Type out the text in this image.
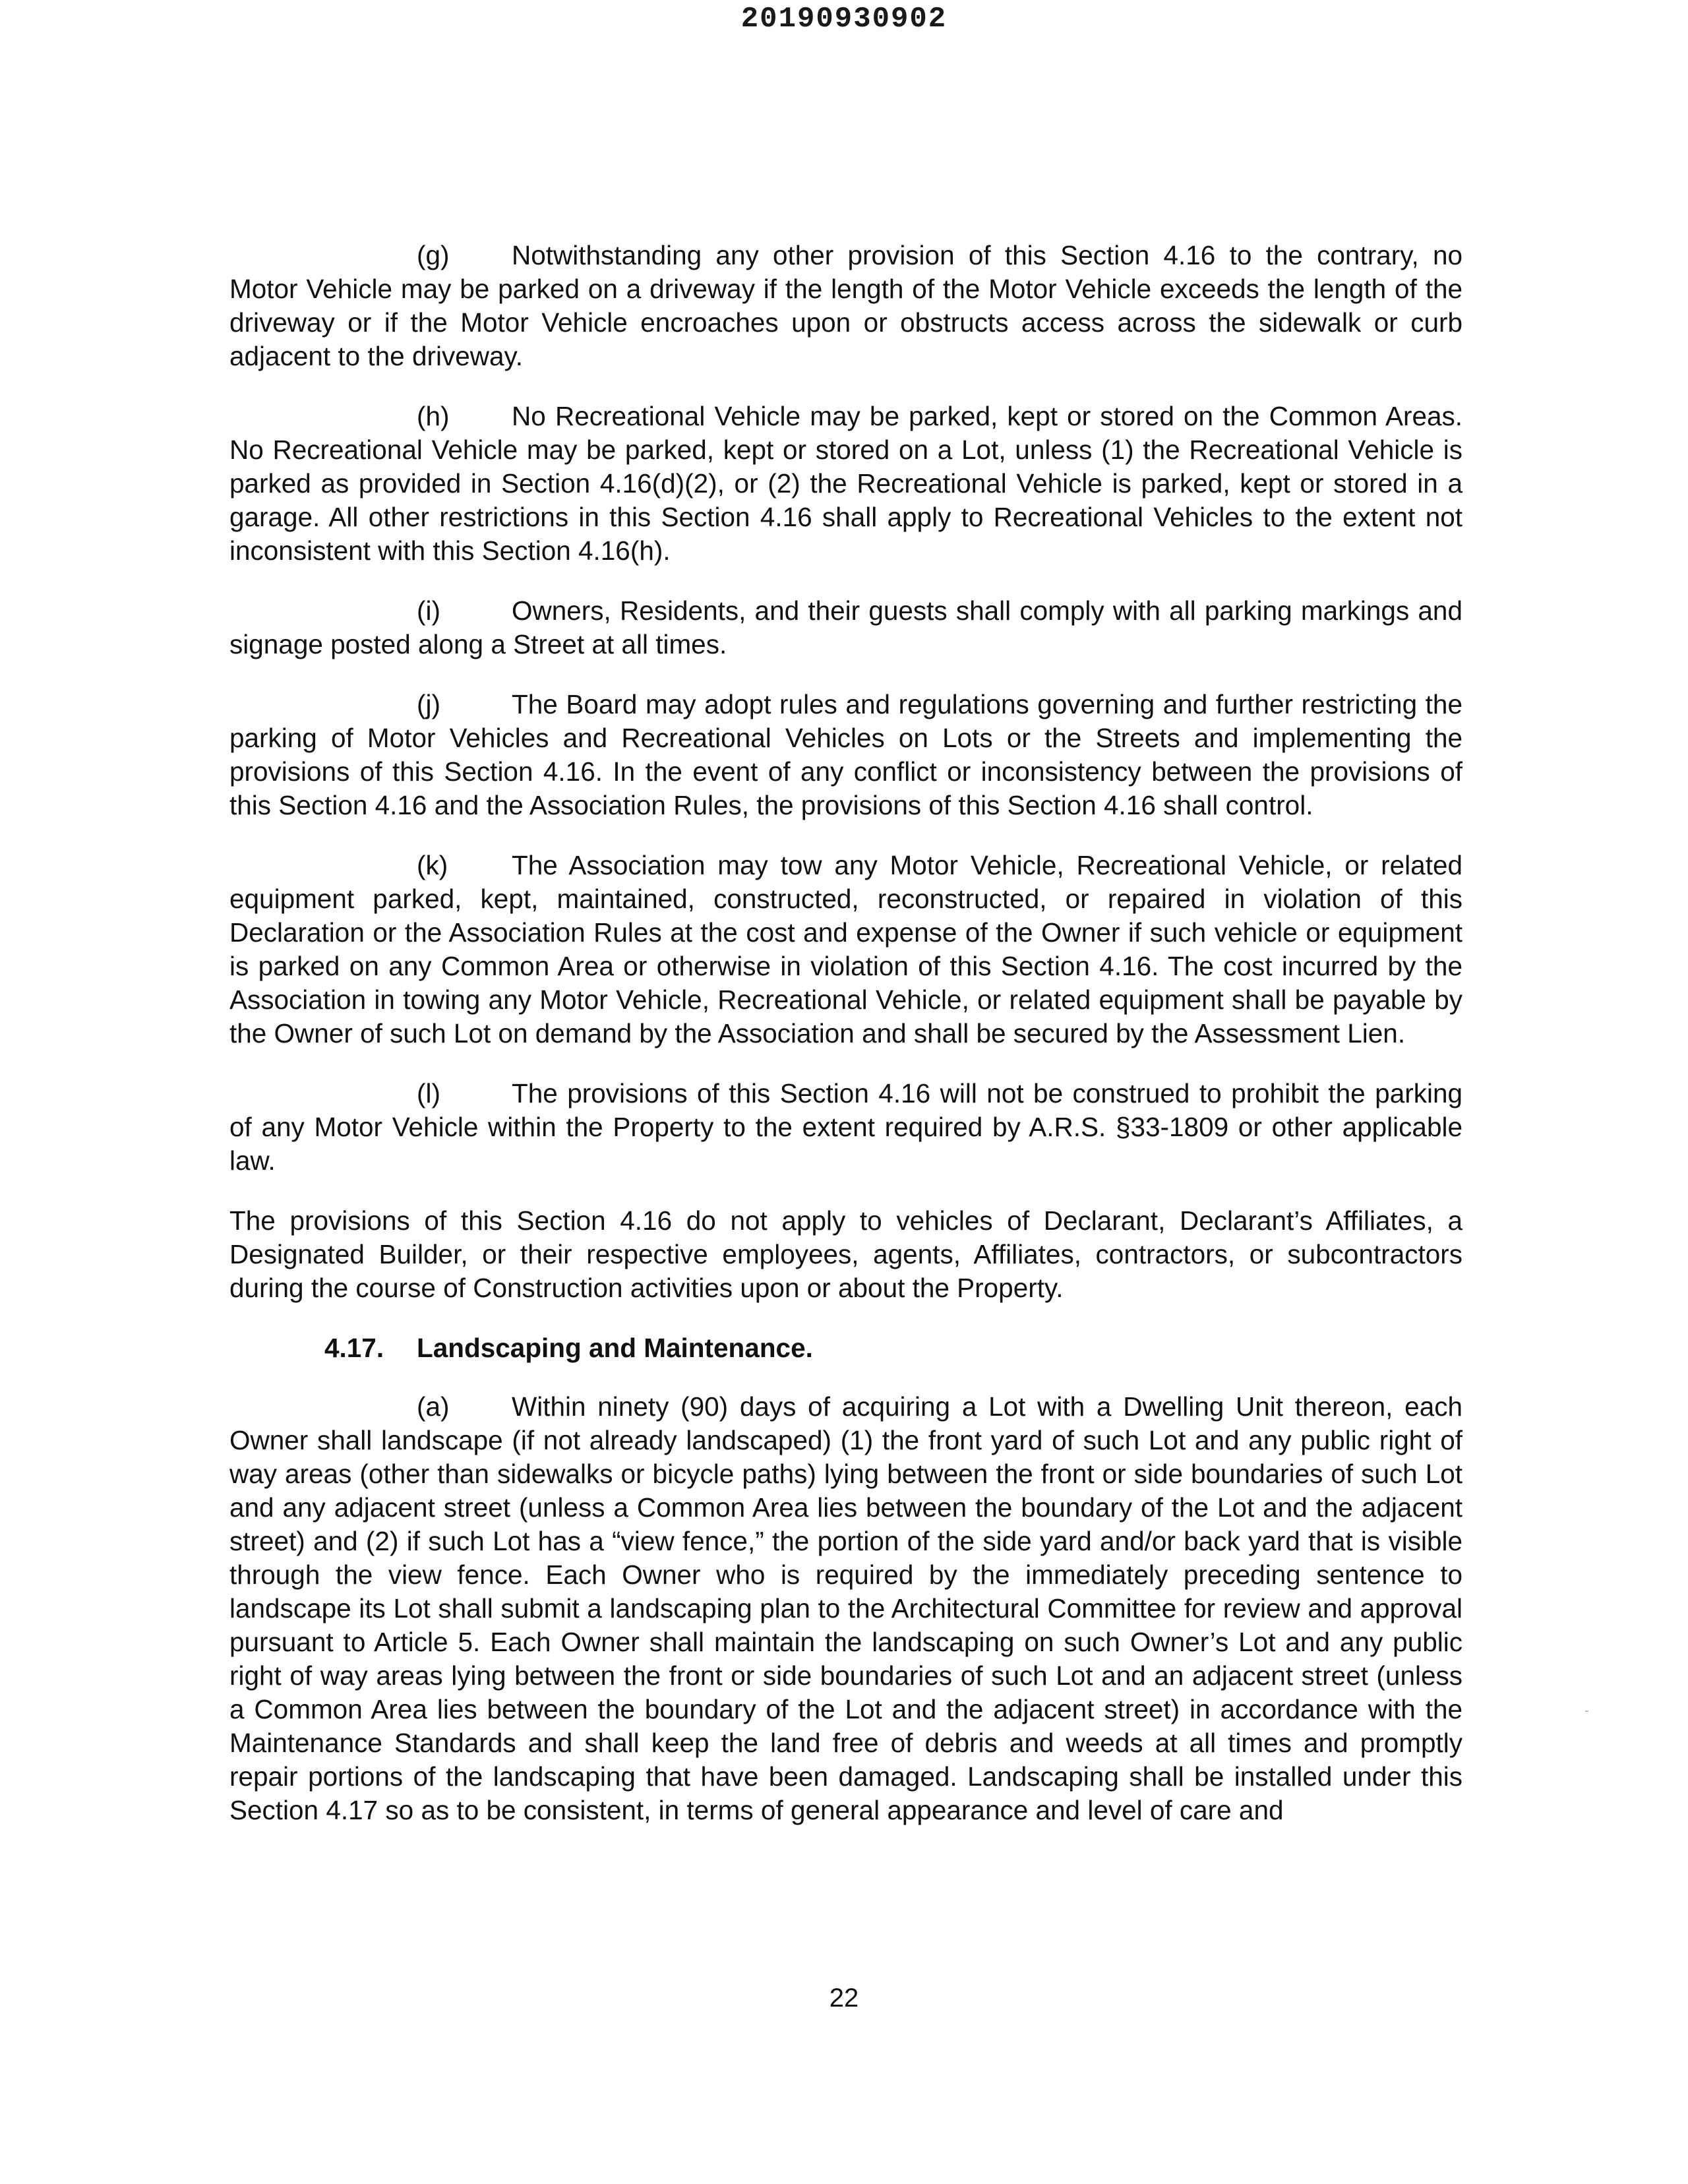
20190930902

(g) Notwithstanding any other provision of this Section 4.16 to the contrary, no Motor Vehicle may be parked on a driveway if the length of the Motor Vehicle exceeds the length of the driveway or if the Motor Vehicle encroaches upon or obstructs access across the sidewalk or curb adjacent to the driveway.

(h) No Recreational Vehicle may be parked, kept or stored on the Common Areas. No Recreational Vehicle may be parked, kept or stored on a Lot, unless (1) the Recreational Vehicle is parked as provided in Section 4.16(d)(2), or (2) the Recreational Vehicle is parked, kept or stored in a garage. All other restrictions in this Section 4.16 shall apply to Recreational Vehicles to the extent not inconsistent with this Section 4.16(h).

(i)	Owners, Residents, and their guests shall comply with all parking markings and signage posted along a Street at all times.

(j)	The Board may adopt rules and regulations governing and further restricting the parking of Motor Vehicles and Recreational Vehicles on Lots or the Streets and implementing the provisions of this Section 4.16. In the event of any conflict or inconsistency between the provisions of this Section 4.16 and the Association Rules, the provisions of this Section 4.16 shall control.

(k) The Association may tow any Motor Vehicle, Recreational Vehicle, or related equipment parked, kept, maintained, constructed, reconstructed, or repaired in violation of this Declaration or the Association Rules at the cost and expense of the Owner if such vehicle or equipment is parked on any Common Area or otherwise in violation of this Section 4.16. The cost incurred by the Association in towing any Motor Vehicle, Recreational Vehicle, or related equipment shall be payable by the Owner of such Lot on demand by the Association and shall be secured by the Assessment Lien.

(l)	The provisions of this Section 4.16 will not be construed to prohibit the parking of any Motor Vehicle within the Property to the extent required by A.R.S. §33-1809 or other applicable law.

The provisions of this Section 4.16 do not apply to vehicles of Declarant, Declarant’s Affiliates, a Designated Builder, or their respective employees, agents, Affiliates, contractors, or subcontractors during the course of Construction activities upon or about the Property.

4.17. Landscaping and Maintenance.

(a) Within ninety (90) days of acquiring a Lot with a Dwelling Unit thereon, each Owner shall landscape (if not already landscaped) (1) the front yard of such Lot and any public right of way areas (other than sidewalks or bicycle paths) lying between the front or side boundaries of such Lot and any adjacent street (unless a Common Area lies between the boundary of the Lot and the adjacent street) and (2) if such Lot has a “view fence,” the portion of the side yard and/or back yard that is visible through the view fence. Each Owner who is required by the immediately preceding sentence to landscape its Lot shall submit a landscaping plan to the Architectural Committee for review and approval pursuant to Article 5. Each Owner shall maintain the landscaping on such Owner’s Lot and any public right of way areas lying between the front or side boundaries of such Lot and an adjacent street (unless a Common Area lies between the boundary of the Lot and the adjacent street) in accordance with the Maintenance Standards and shall keep the land free of debris and weeds at all times and promptly repair portions of the landscaping that have been damaged. Landscaping shall be installed under this Section 4.17 so as to be consistent, in terms of general appearance and level of care and

22
